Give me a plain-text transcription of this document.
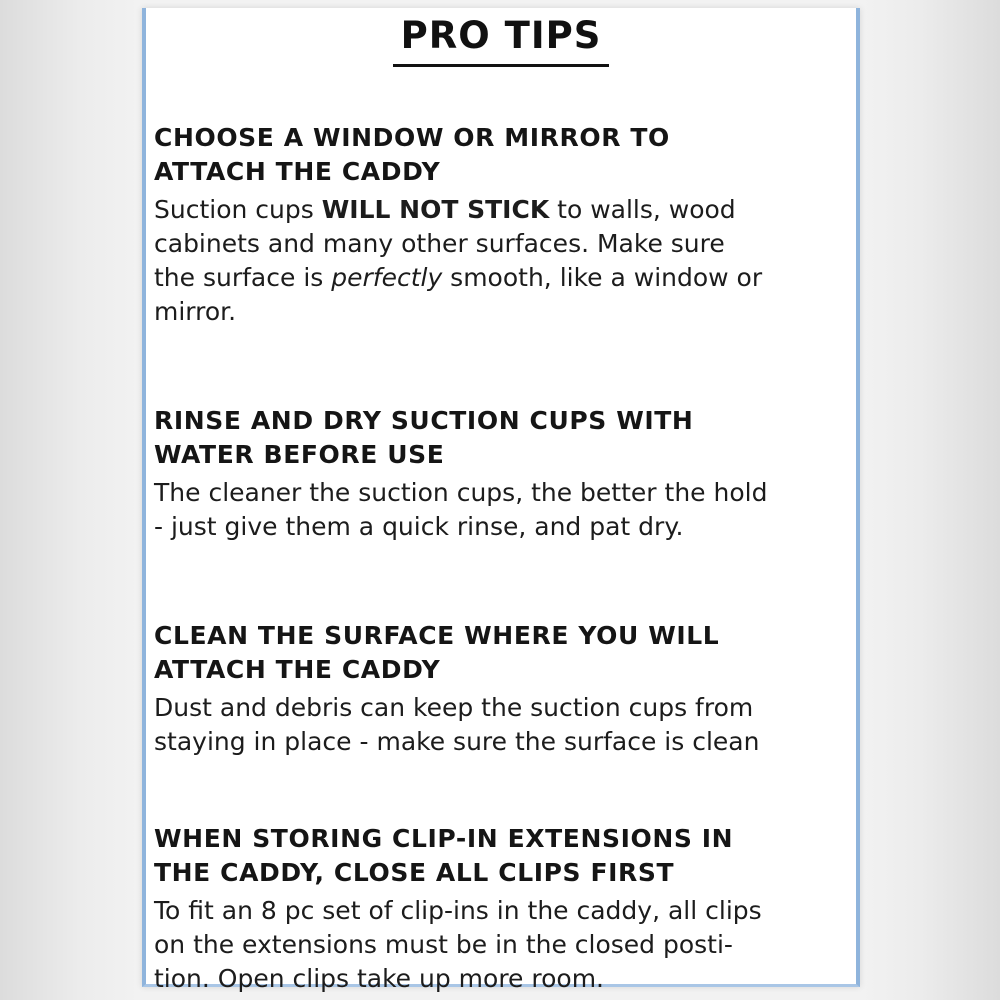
PRO TIPS
CHOOSE A WINDOW OR MIRROR TO
ATTACH THE CADDY

Suction cups WILL NOT STICK to walls, wood
cabinets and many other surfaces. Make sure
the surface is perfectly smooth, like a window or
mirror.

RINSE AND DRY SUCTION CUPS WITH
WATER BEFORE USE

The cleaner the suction cups, the better the hold
- just give them a quick rinse, and pat dry.

CLEAN THE SURFACE WHERE YOU WILL
ATTACH THE CADDY

Dust and debris can keep the suction cups from
staying in place - make sure the surface is clean

WHEN STORING CLIP-IN EXTENSIONS IN
THE CADDY, CLOSE ALL CLIPS FIRST

To fit an 8 pc set of clip-ins in the caddy, all clips
on the extensions must be in the closed posti-
tion. Open clips take up more room.
